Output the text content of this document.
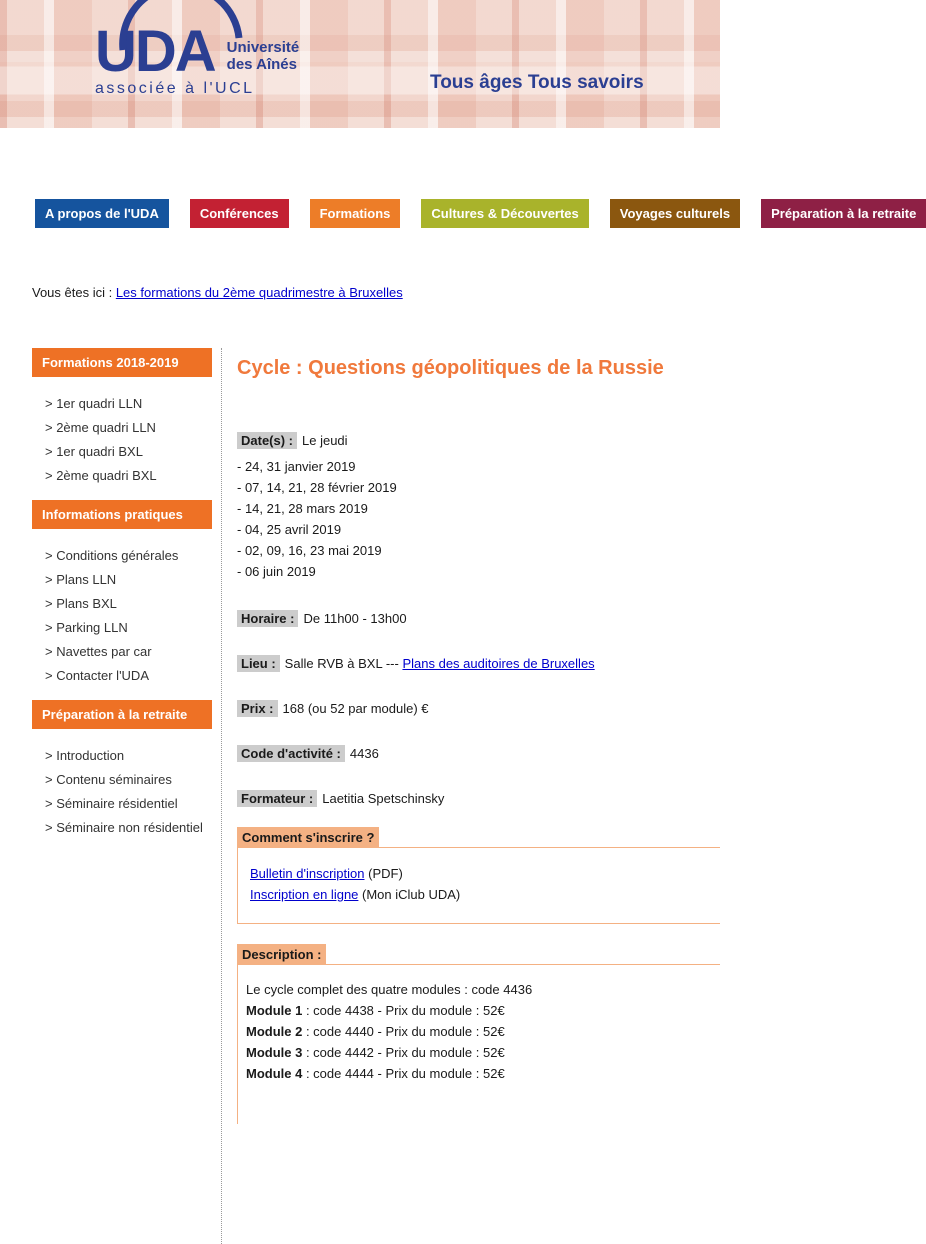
UDA Université
des Aînés
associée à l'UCL	Tous âges Tous savoirs
A propos de l'UDA	Conférences	Formations	Cultures & Découvertes	Voyages culturels	Préparation à la retraite
Vous êtes ici : Les formations du 2ème quadrimestre à Bruxelles
Formations 2018-2019
> 1er quadri LLN
> 2ème quadri LLN
> 1er quadri BXL
> 2ème quadri BXL
Informations pratiques
> Conditions générales
> Plans LLN
> Plans BXL
> Parking LLN
> Navettes par car
> Contacter l'UDA
Préparation à la retraite
> Introduction
> Contenu séminaires
> Séminaire résidentiel
> Séminaire non résidentiel
Cycle : Questions géopolitiques de la Russie
Date(s) : Le jeudi
- 24, 31 janvier 2019
- 07, 14, 21, 28 février 2019
- 14, 21, 28 mars 2019
- 04, 25 avril 2019
- 02, 09, 16, 23 mai 2019
- 06 juin 2019
Horaire : De 11h00 - 13h00
Lieu : Salle RVB à BXL --- Plans des auditoires de Bruxelles
Prix : 168 (ou 52 par module) €
Code d'activité : 4436
Formateur : Laetitia Spetschinsky
Comment s'inscrire ?
Bulletin d'inscription (PDF)
Inscription en ligne (Mon iClub UDA)
Description :
Le cycle complet des quatre modules : code 4436
Module 1 : code 4438 - Prix du module : 52€
Module 2 : code 4440 - Prix du module : 52€
Module 3 : code 4442 - Prix du module : 52€
Module 4 : code 4444 - Prix du module : 52€
